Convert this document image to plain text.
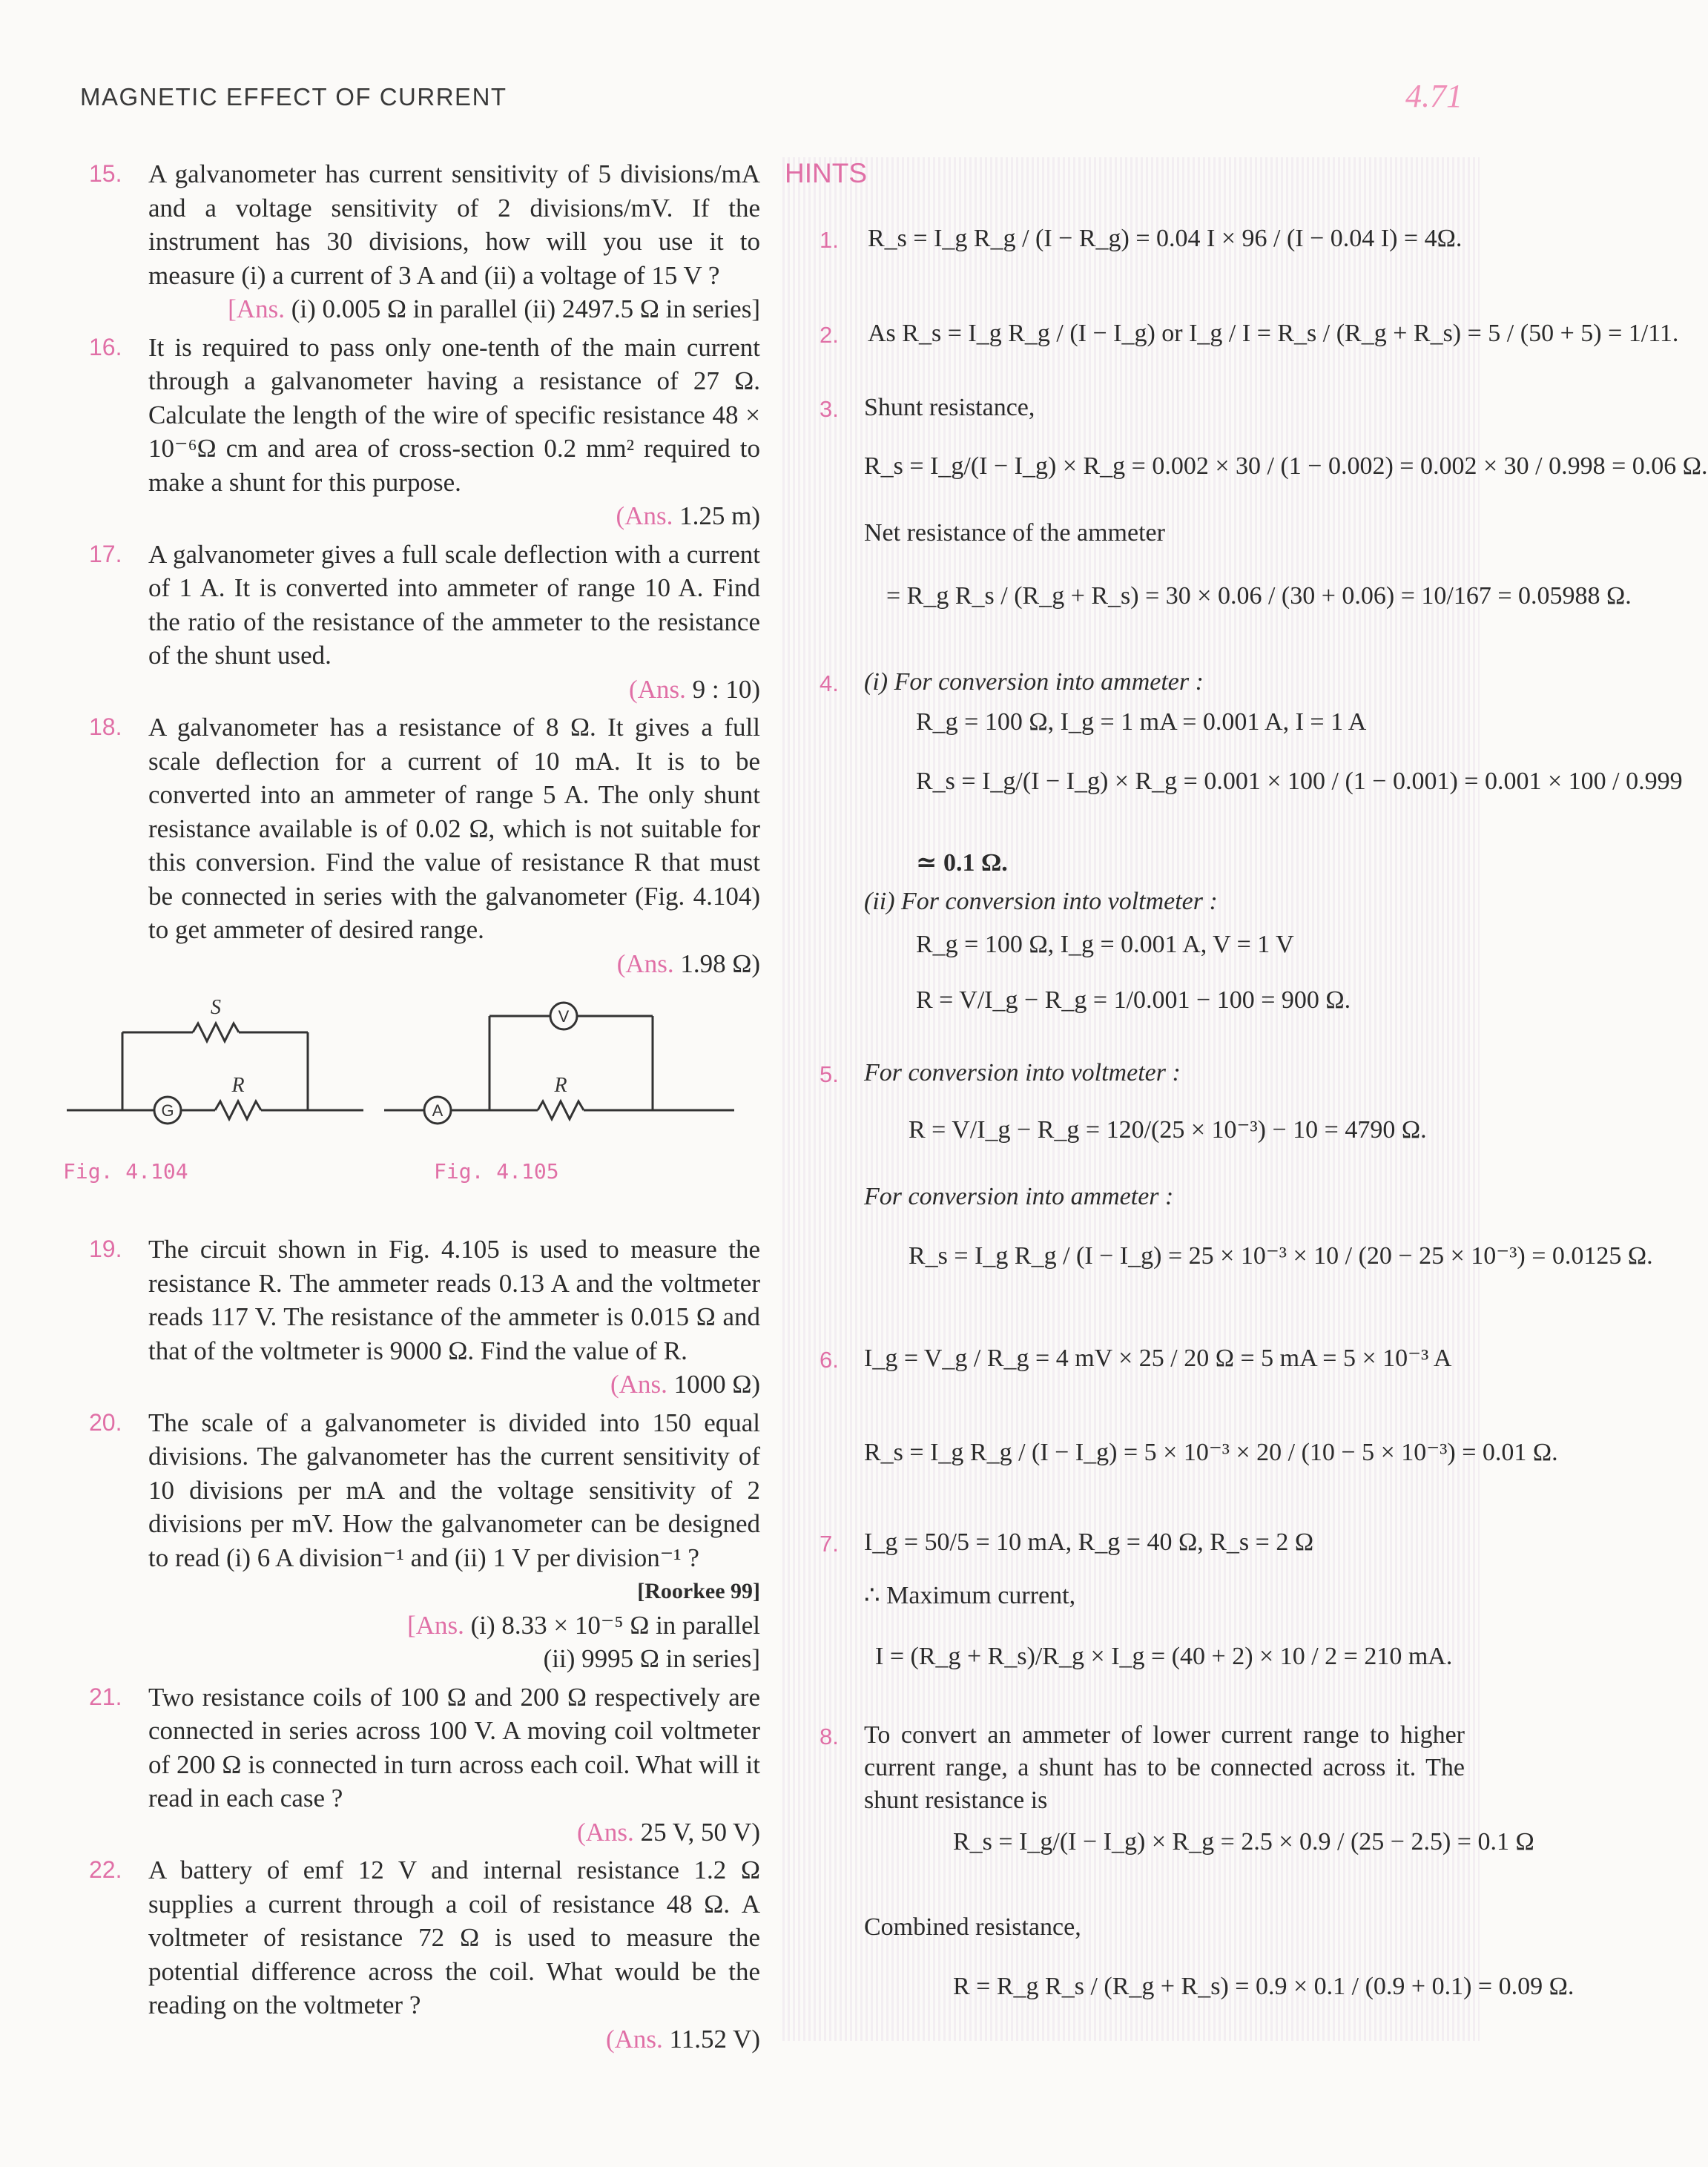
MAGNETIC EFFECT OF CURRENT	4.71
15. A galvanometer has current sensitivity of 5 divisions/mA and a voltage sensitivity of 2 divisions/mV. If the instrument has 30 divisions, how will you use it to measure (i) a current of 3 A and (ii) a voltage of 15 V ?
[Ans. (i) 0.005 Ω in parallel (ii) 2497.5 Ω in series]
16. It is required to pass only one-tenth of the main current through a galvanometer having a resistance of 27 Ω. Calculate the length of the wire of specific resistance 48 × 10⁻⁶Ω cm and area of cross-section 0.2 mm² required to make a shunt for this purpose.
(Ans. 1.25 m)
17. A galvanometer gives a full scale deflection with a current of 1 A. It is converted into ammeter of range 10 A. Find the ratio of the resistance of the ammeter to the resistance of the shunt used.
(Ans. 9 : 10)
18. A galvanometer has a resistance of 8 Ω. It gives a full scale deflection for a current of 10 mA. It is to be converted into an ammeter of range 5 A. The only shunt resistance available is of 0.02 Ω, which is not suitable for this conversion. Find the value of resistance R that must be connected in series with the galvanometer (Fig. 4.104) to get ammeter of desired range.
(Ans. 1.98 Ω)
G	A
V
S
R	R
Fig. 4.104	Fig. 4.105
19. The circuit shown in Fig. 4.105 is used to measure the resistance R. The ammeter reads 0.13 A and the voltmeter reads 117 V. The resistance of the ammeter is 0.015 Ω and that of the voltmeter is 9000 Ω. Find the value of R.
(Ans. 1000 Ω)
20. The scale of a galvanometer is divided into 150 equal divisions. The galvanometer has the current sensitivity of 10 divisions per mA and the voltage sensitivity of 2 divisions per mV. How the galvanometer can be designed to read (i) 6 A division⁻¹ and (ii) 1 V per division⁻¹ ?
[Roorkee 99]
[Ans. (i) 8.33 × 10⁻⁵ Ω in parallel
(ii) 9995 Ω in series]
21. Two resistance coils of 100 Ω and 200 Ω respectively are connected in series across 100 V. A moving coil voltmeter of 200 Ω is connected in turn across each coil. What will it read in each case ?
(Ans. 25 V, 50 V)
22. A battery of emf 12 V and internal resistance 1.2 Ω supplies a current through a coil of resistance 48 Ω. A voltmeter of resistance 72 Ω is used to measure the potential difference across the coil. What would be the reading on the voltmeter ?
(Ans. 11.52 V)
HINTS
1. R_s = I_g R_g / (I − R_g) = 0.04 I × 96 / (I − 0.04 I) = 4Ω.
2. As R_s = I_g R_g / (I − I_g) or I_g / I = R_s / (R_g + R_s) = 5 / (50 + 5) = 1/11.
3. Shunt resistance,
R_s = I_g/(I − I_g) × R_g = 0.002 × 30 / (1 − 0.002) = 0.002 × 30 / 0.998 = 0.06 Ω.
Net resistance of the ammeter
= R_g R_s / (R_g + R_s) = 30 × 0.06 / (30 + 0.06) = 10/167 = 0.05988 Ω.
4. (i) For conversion into ammeter :
R_g = 100 Ω, I_g = 1 mA = 0.001 A, I = 1 A
R_s = I_g/(I − I_g) × R_g = 0.001 × 100 / (1 − 0.001) = 0.001 × 100 / 0.999
≃ 0.1 Ω.
(ii) For conversion into voltmeter :
R_g = 100 Ω, I_g = 0.001 A, V = 1 V
R = V/I_g − R_g = 1/0.001 − 100 = 900 Ω.
5. For conversion into voltmeter :
R = V/I_g − R_g = 120/(25 × 10⁻³) − 10 = 4790 Ω.
For conversion into ammeter :
R_s = I_g R_g / (I − I_g) = 25 × 10⁻³ × 10 / (20 − 25 × 10⁻³) = 0.0125 Ω.
6. I_g = V_g / R_g = 4 mV × 25 / 20 Ω = 5 mA = 5 × 10⁻³ A
R_s = I_g R_g / (I − I_g) = 5 × 10⁻³ × 20 / (10 − 5 × 10⁻³) = 0.01 Ω.
7. I_g = 50/5 = 10 mA, R_g = 40 Ω, R_s = 2 Ω
∴ Maximum current,
I = (R_g + R_s)/R_g × I_g = (40 + 2) × 10 / 2 = 210 mA.
8. To convert an ammeter of lower current range to higher current range, a shunt has to be connected across it. The shunt resistance is
R_s = I_g/(I − I_g) × R_g = 2.5 × 0.9 / (25 − 2.5) = 0.1 Ω
Combined resistance,
R = R_g R_s / (R_g + R_s) = 0.9 × 0.1 / (0.9 + 0.1) = 0.09 Ω.
